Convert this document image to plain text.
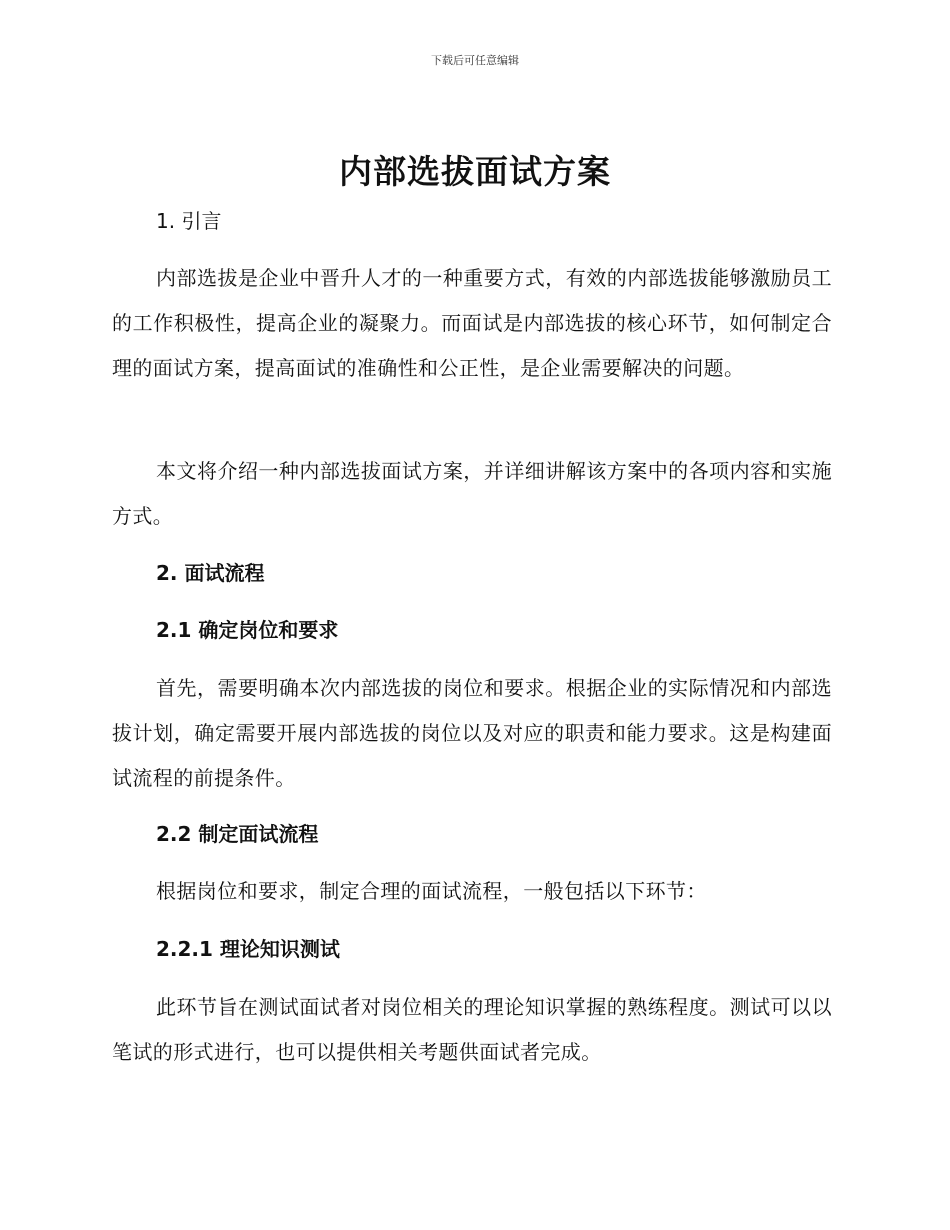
下载后可任意编辑
内部选拔面试方案
1. 引言
内部选拔是企业中晋升人才的一种重要方式，有效的内部选拔能够激励员工的工作积极性，提高企业的凝聚力。而面试是内部选拔的核心环节，如何制定合理的面试方案，提高面试的准确性和公正性，是企业需要解决的问题。
本文将介绍一种内部选拔面试方案，并详细讲解该方案中的各项内容和实施方式。
2. 面试流程
2.1 确定岗位和要求
首先，需要明确本次内部选拔的岗位和要求。根据企业的实际情况和内部选拔计划，确定需要开展内部选拔的岗位以及对应的职责和能力要求。这是构建面试流程的前提条件。
2.2 制定面试流程
根据岗位和要求，制定合理的面试流程，一般包括以下环节：
2.2.1 理论知识测试
此环节旨在测试面试者对岗位相关的理论知识掌握的熟练程度。测试可以以笔试的形式进行，也可以提供相关考题供面试者完成。
